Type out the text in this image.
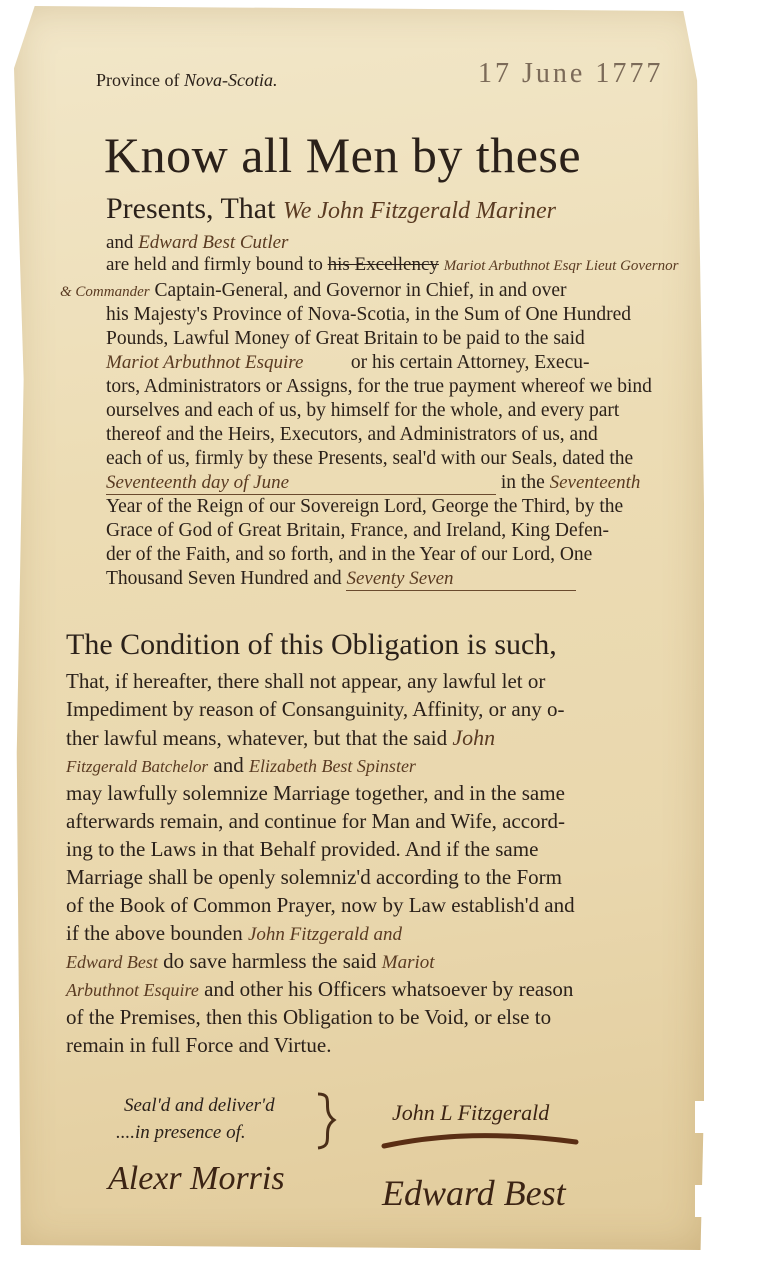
Province of Nova-Scotia.	17 June 1777
Know all Men by these
Presents, That We John Fitzgerald Mariner
and Edward Best Cutler
are held and firmly bound to his Excellency Mariot Arbuthnot Esqr Lieut Governor
& Commander Captain-General, and Governor in Chief, in and over
his Majesty's Province of Nova-Scotia, in the Sum of One Hundred
Pounds, Lawful Money of Great Britain to be paid to the said
Mariot Arbuthnot Esquire or his certain Attorney, Execu-
tors, Administrators or Assigns, for the true payment whereof we bind
ourselves and each of us, by himself for the whole, and every part
thereof and the Heirs, Executors, and Administrators of us, and
each of us, firmly by these Presents, seal'd with our Seals, dated the
Seventeenth day of June	in the Seventeenth
Year of the Reign of our Sovereign Lord, George the Third, by the
Grace of God of Great Britain, France, and Ireland, King Defen-
der of the Faith, and so forth, and in the Year of our Lord, One
Thousand Seven Hundred and Seventy Seven
The Condition of this Obligation is such,
That, if hereafter, there shall not appear, any lawful let or
Impediment by reason of Consanguinity, Affinity, or any o-
ther lawful means, whatever, but that the said John
Fitzgerald Batchelor and Elizabeth Best Spinster
may lawfully solemnize Marriage together, and in the same
afterwards remain, and continue for Man and Wife, accord-
ing to the Laws in that Behalf provided. And if the same
Marriage shall be openly solemniz'd according to the Form
of the Book of Common Prayer, now by Law establish'd and
if the above bounden John Fitzgerald and
Edward Best do save harmless the said Mariot
Arbuthnot Esquire and other his Officers whatsoever by reason
of the Premises, then this Obligation to be Void, or else to
remain in full Force and Virtue.
Seal'd and deliver'd
....in presence of.
John L Fitzgerald
Alexr Morris	Edward Best
